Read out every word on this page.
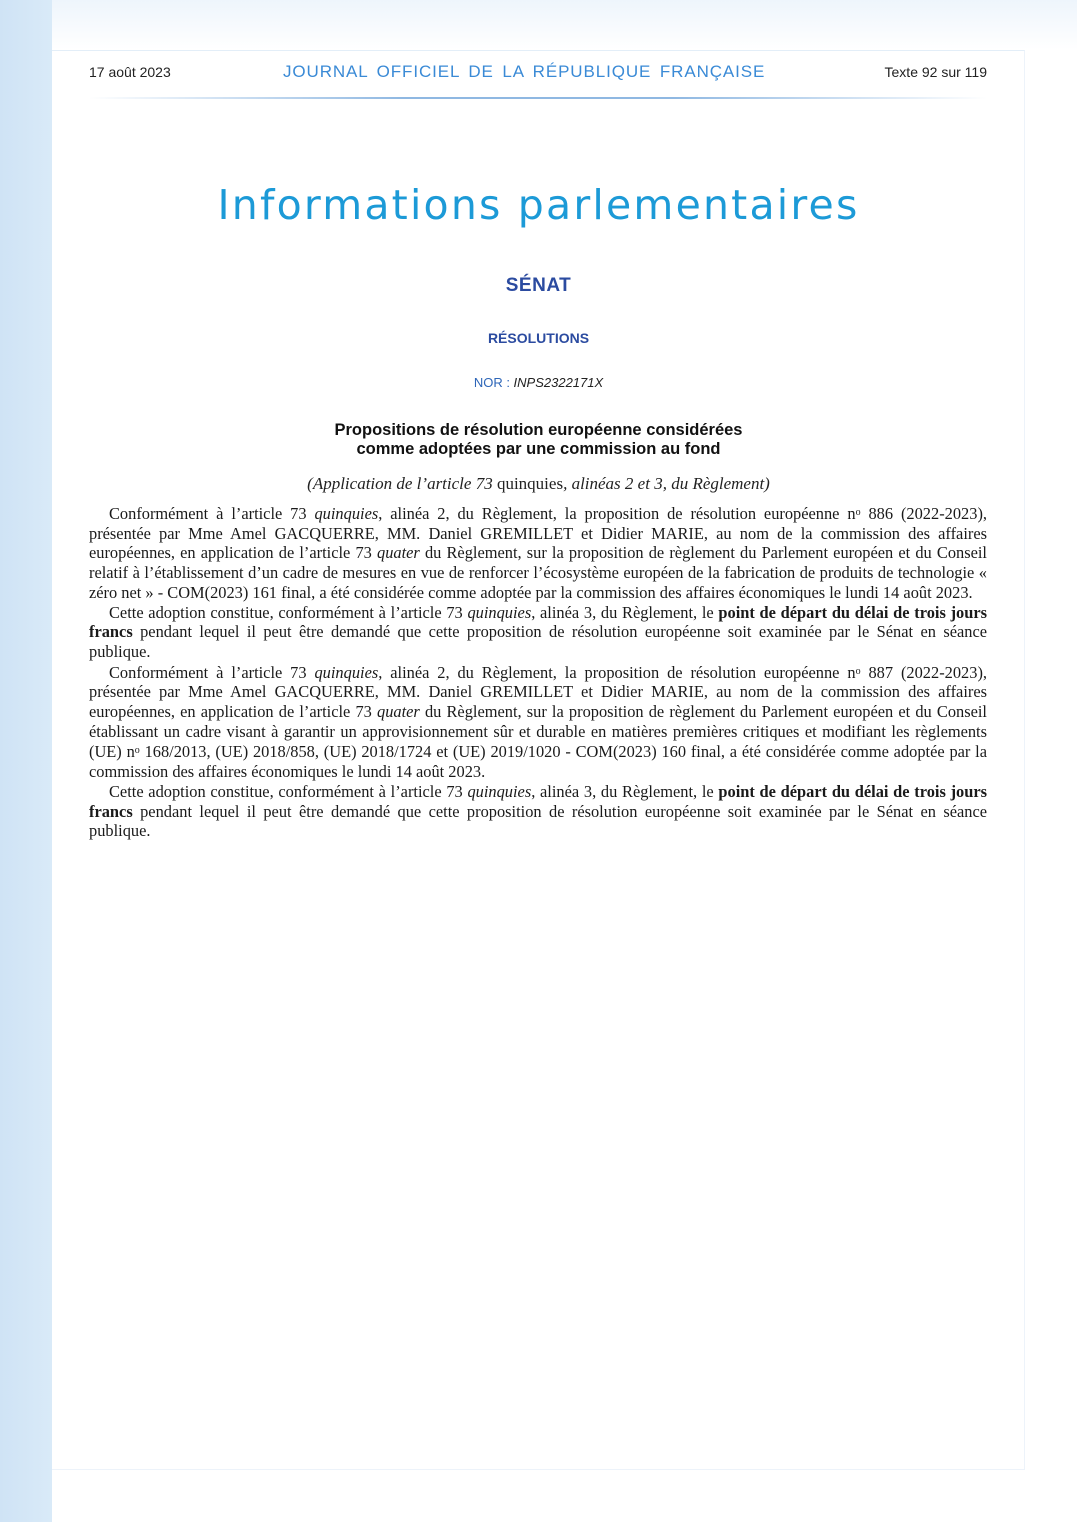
17 août 2023	JOURNAL OFFICIEL DE LA RÉPUBLIQUE FRANÇAISE	Texte 92 sur 119
Informations parlementaires
SÉNAT
RÉSOLUTIONS
NOR : INPS2322171X
Propositions de résolution européenne considérées
comme adoptées par une commission au fond
(Application de l’article 73 quinquies, alinéas 2 et 3, du Règlement)

Conformément à l’article 73 quinquies, alinéa 2, du Règlement, la proposition de résolution européenne $n^o$ 886 (2022-2023), présentée par Mme Amel GACQUERRE, MM. Daniel GREMILLET et Didier MARIE, au nom de la commission des affaires européennes, en application de l’article 73 quater du Règlement, sur la proposition de règlement du Parlement européen et du Conseil relatif à l’établissement d’un cadre de mesures en vue de renforcer l’écosystème européen de la fabrication de produits de technologie « zéro net » - COM(2023) 161 final, a été considérée comme adoptée par la commission des affaires économiques le lundi 14 août 2023.

Cette adoption constitue, conformément à l’article 73 quinquies, alinéa 3, du Règlement, le point de départ du délai de trois jours francs pendant lequel il peut être demandé que cette proposition de résolution européenne soit examinée par le Sénat en séance publique.

Conformément à l’article 73 quinquies, alinéa 2, du Règlement, la proposition de résolution européenne $n^o$ 887 (2022-2023), présentée par Mme Amel GACQUERRE, MM. Daniel GREMILLET et Didier MARIE, au nom de la commission des affaires européennes, en application de l’article 73 quater du Règlement, sur la proposition de règlement du Parlement européen et du Conseil établissant un cadre visant à garantir un approvisionnement sûr et durable en matières premières critiques et modifiant les règlements (UE) $n^o$ 168/2013, (UE) 2018/858, (UE) 2018/1724 et (UE) 2019/1020 - COM(2023) 160 final, a été considérée comme adoptée par la commission des affaires économiques le lundi 14 août 2023.

Cette adoption constitue, conformément à l’article 73 quinquies, alinéa 3, du Règlement, le point de départ du délai de trois jours francs pendant lequel il peut être demandé que cette proposition de résolution européenne soit examinée par le Sénat en séance publique.
